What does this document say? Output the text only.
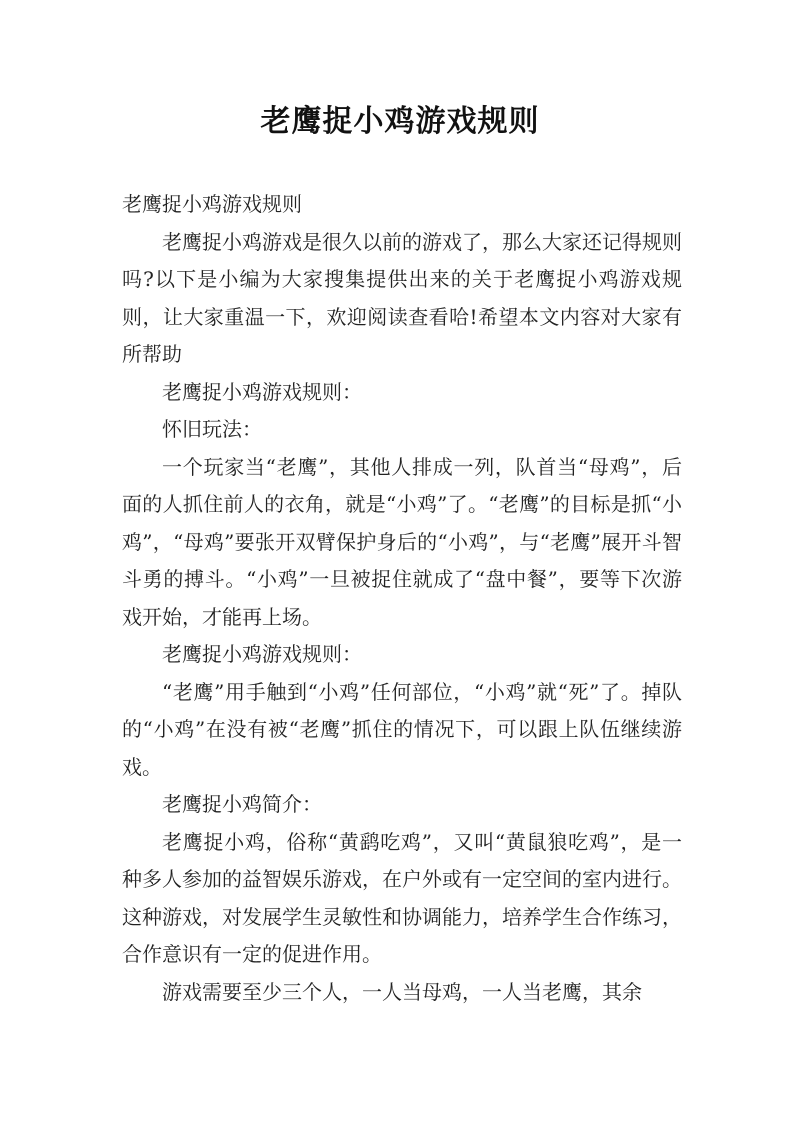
老鹰捉小鸡游戏规则

老鹰捉小鸡游戏规则

老鹰捉小鸡游戏是很久以前的游戏了，那么大家还记得规则吗?以下是小编为大家搜集提供出来的关于老鹰捉小鸡游戏规则，让大家重温一下，欢迎阅读查看哈!希望本文内容对大家有所帮助

老鹰捉小鸡游戏规则：

怀旧玩法：

一个玩家当“老鹰”，其他人排成一列，队首当“母鸡”，后面的人抓住前人的衣角，就是“小鸡”了。“老鹰”的目标是抓“小鸡”，“母鸡”要张开双臂保护身后的“小鸡”，与“老鹰”展开斗智斗勇的搏斗。“小鸡”一旦被捉住就成了“盘中餐”，要等下次游戏开始，才能再上场。

老鹰捉小鸡游戏规则：

“老鹰”用手触到“小鸡”任何部位，“小鸡”就“死”了。掉队的“小鸡”在没有被“老鹰”抓住的情况下，可以跟上队伍继续游戏。

老鹰捉小鸡简介：

老鹰捉小鸡，俗称“黄鹞吃鸡”，又叫“黄鼠狼吃鸡”，是一种多人参加的益智娱乐游戏，在户外或有一定空间的室内进行。这种游戏，对发展学生灵敏性和协调能力，培养学生合作练习，合作意识有一定的促进作用。

游戏需要至少三个人，一人当母鸡，一人当老鹰，其余
